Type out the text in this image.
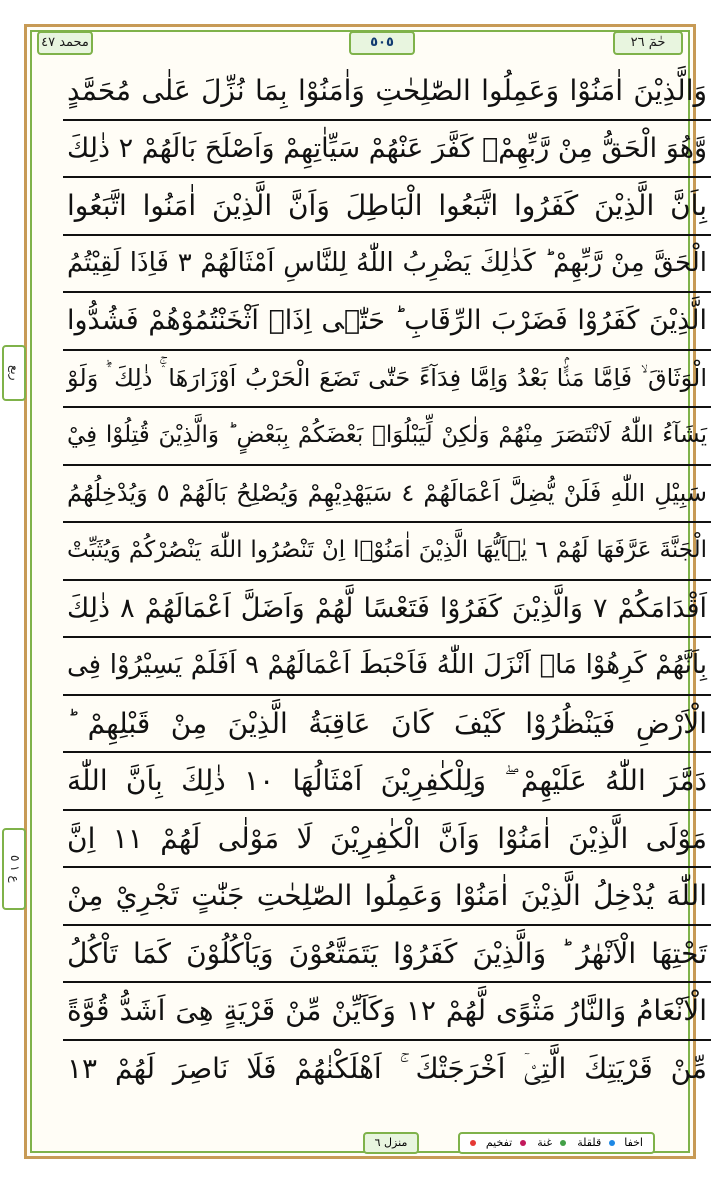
محمد ٤٧	٥٠٥	حٰمٓ ٢٦
وَالَّذِيْنَ اٰمَنُوْا وَعَمِلُوا الصّٰلِحٰتِ وَاٰمَنُوْا بِمَا نُزِّلَ عَلٰى مُحَمَّدٍ
وَّهُوَ الْحَقُّ مِنْ رَّبِّهِمْۙ كَفَّرَ عَنْهُمْ سَيِّاٰتِهِمْ وَاَصْلَحَ بَالَهُمْ ٢ ذٰلِكَ
بِاَنَّ الَّذِيْنَ كَفَرُوا اتَّبَعُوا الْبَاطِلَ وَاَنَّ الَّذِيْنَ اٰمَنُوا اتَّبَعُوا
الْحَقَّ مِنْ رَّبِّهِمْ ؕ كَذٰلِكَ يَضْرِبُ اللّٰهُ لِلنَّاسِ اَمْثَالَهُمْ ٣ فَاِذَا لَقِيْتُمُ
الَّذِيْنَ كَفَرُوْا فَضَرْبَ الرِّقَابِ ؕ حَتّٰۤى اِذَاۤ اَثْخَنْتُمُوْهُمْ فَشُدُّوا
الْوَثَاقَ ۙ فَاِمَّا مَنًّۢا بَعْدُ وَاِمَّا فِدَآءً حَتّٰى تَضَعَ الْحَرْبُ اَوْزَارَهَا ۛۚ ذٰلِكَ ۛؕ وَلَوْ
يَشَآءُ اللّٰهُ لَانْتَصَرَ مِنْهُمْ وَلٰكِنْ لِّيَبْلُوَا۟ بَعْضَكُمْ بِبَعْضٍ ؕ وَالَّذِيْنَ قُتِلُوْا فِيْ
سَبِيْلِ اللّٰهِ فَلَنْ يُّضِلَّ اَعْمَالَهُمْ ٤ سَيَهْدِيْهِمْ وَيُصْلِحُ بَالَهُمْ ٥ وَيُدْخِلُهُمُ
الْجَنَّةَ عَرَّفَهَا لَهُمْ ٦ يٰۤاَيُّهَا الَّذِيْنَ اٰمَنُوْۤا اِنْ تَنْصُرُوا اللّٰهَ يَنْصُرْكُمْ وَيُثَبِّتْ
اَقْدَامَكُمْ ٧ وَالَّذِيْنَ كَفَرُوْا فَتَعْسًا لَّهُمْ وَاَضَلَّ اَعْمَالَهُمْ ٨ ذٰلِكَ
بِاَنَّهُمْ كَرِهُوْا مَاۤ اَنْزَلَ اللّٰهُ فَاَحْبَطَ اَعْمَالَهُمْ ٩ اَفَلَمْ يَسِيْرُوْا فِى
الْاَرْضِ فَيَنْظُرُوْا كَيْفَ كَانَ عَاقِبَةُ الَّذِيْنَ مِنْ قَبْلِهِمْ ؕ
دَمَّرَ اللّٰهُ عَلَيْهِمْ ۖ وَلِلْكٰفِرِيْنَ اَمْثَالُهَا ١٠ ذٰلِكَ بِاَنَّ اللّٰهَ
مَوْلَى الَّذِيْنَ اٰمَنُوْا وَاَنَّ الْكٰفِرِيْنَ لَا مَوْلٰى لَهُمْ ١١ اِنَّ
اللّٰهَ يُدْخِلُ الَّذِيْنَ اٰمَنُوْا وَعَمِلُوا الصّٰلِحٰتِ جَنّٰتٍ تَجْرِيْ مِنْ
تَحْتِهَا الْاَنْهٰرُ ؕ وَالَّذِيْنَ كَفَرُوْا يَتَمَتَّعُوْنَ وَيَاْكُلُوْنَ كَمَا تَاْكُلُ
الْاَنْعَامُ وَالنَّارُ مَثْوًى لَّهُمْ ١٢ وَكَاَيِّنْ مِّنْ قَرْيَةٍ هِىَ اَشَدُّ قُوَّةً
مِّنْ قَرْيَتِكَ الَّتِىْۤ اَخْرَجَتْكَ ۚ اَهْلَكْنٰهُمْ فَلَا نَاصِرَ لَهُمْ ١٣
منزل ٦	اخفا  قلقلة  غنة  تفخيم
ربع
ع ١ ٥
